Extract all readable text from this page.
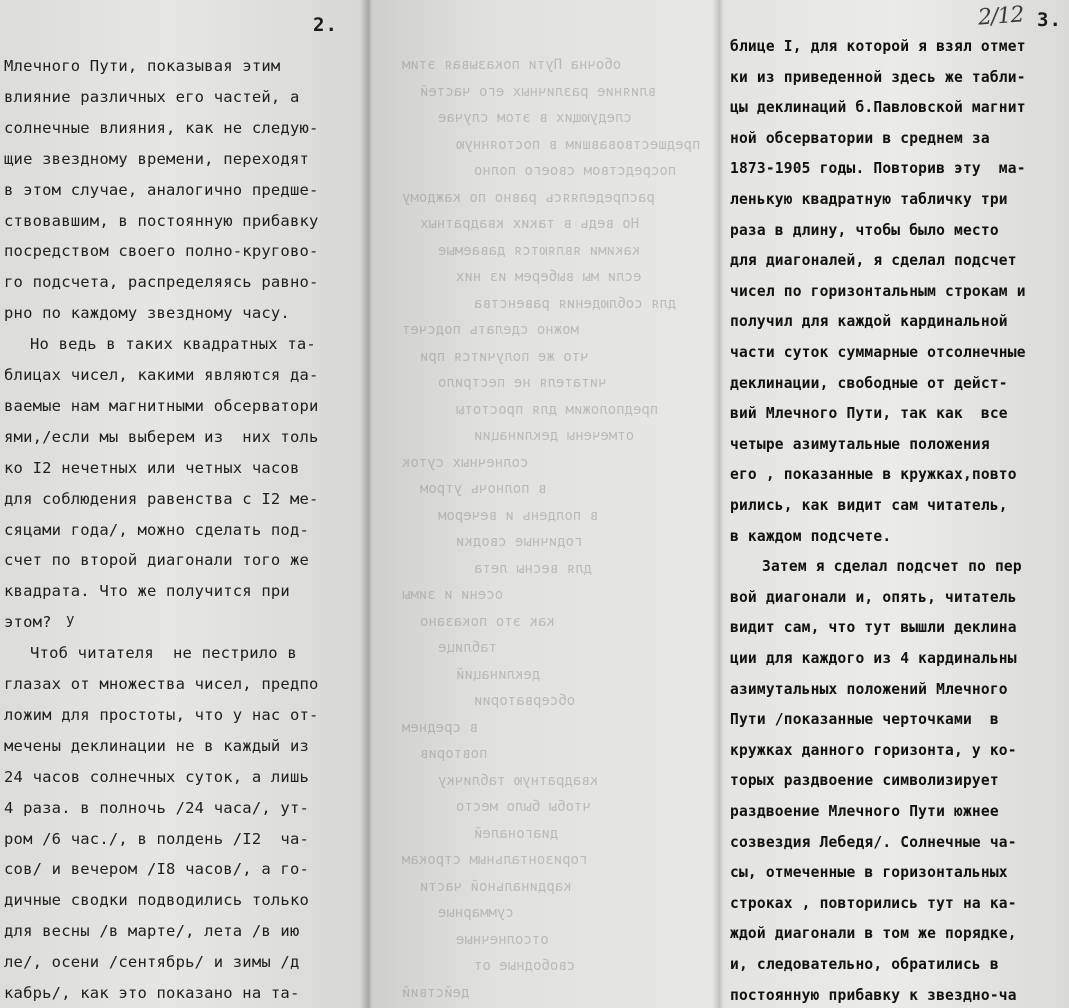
2.
у
Млечного Пути, показывая этим
влияние различных его частей, а
солнечные влияния, как не следую-
щие звездному времени, переходят
в этом случае, аналогично предше-
ствовавшим, в постоянную прибавку
посредством своего полно-кругово-
го подсчета, распределяясь равно-
рно по каждому звездному часу.
Но ведь в таких квадратных та-
блицах чисел, какими являются да-
ваемые нам магнитными обсерватори
ями,/если мы выберем из  них толь
ко I2 нечетных или четных часов
для соблюдения равенства с I2 ме-
сяцами года/, можно сделать под-
счет по второй диагонали того же
квадрата. Что же получится при
этом?
Чтоб читателя  не пестрило в
глазах от множества чисел, предпо
ложим для простоты, что у нас от-
мечены деклинации не в каждый из
24 часов солнечных суток, а лишь
4 раза. в полночь /24 часа/, ут-
ром /6 час./, в полдень /I2  ча-
сов/ и вечером /I8 часов/, а го-
дичные сводки подводились только
для весны /в марте/, лета /в ию
ле/, осени /сентябрь/ и зимы /д
кабрь/, как это показано на та-
обочна Пути показывая этим
влияние различных его частей
следующих в этом случае
предшествовавшим в постоянную
посредством своего полно
распределяясь равно по каждому
Но ведь в таких квадратных
какими являются даваемые
если мы выберем из них
для соблюдения равенства
можно сделать подсчет
что же получится при
читателя не пестрило
предположим для простоты
отмечены деклинации
солнечных суток
в полночь утром
в полдень и вечером
годичные сводки
для весны лета
осени и зимы
как это показано
таблице
деклинаций
обсерватории
в среднем
повторив
квадратную табличку
чтобы было место
диагоналей
горизонтальным строкам
кардинальной части
суммарные
отсолнечные
свободные от
действий
3.
блице I, для которой я взял отмет
ки из приведенной здесь же табли-
цы деклинаций б.Павловской магнит
ной обсерватории в среднем за
1873-1905 годы. Повторив эту  ма-
ленькую квадратную табличку три
раза в длину, чтобы было место
для диагоналей, я сделал подсчет
чисел по горизонтальным строкам и
получил для каждой кардинальной
части суток суммарные отсолнечные
деклинации, свободные от дейст-
вий Млечного Пути, так как  все
четыре азимутальные положения
его , показанные в кружках,повто
рились, как видит сам читатель,
в каждом подсчете.
Затем я сделал подсчет по пер
вой диагонали и, опять, читатель
видит сам, что тут вышли деклина
ции для каждого из 4 кардинальны
азимутальных положений Млечного
Пути /показанные черточками  в
кружках данного горизонта, у ко-
торых раздвоение символизирует
раздвоение Млечного Пути южнее
созвездия Лебедя/. Солнечные ча-
сы, отмеченные в горизонтальных
строках , повторились тут на ка-
ждой диагонали в том же порядке,
и, следовательно, обратились в
постоянную прибавку к звездно-ча
2/12
